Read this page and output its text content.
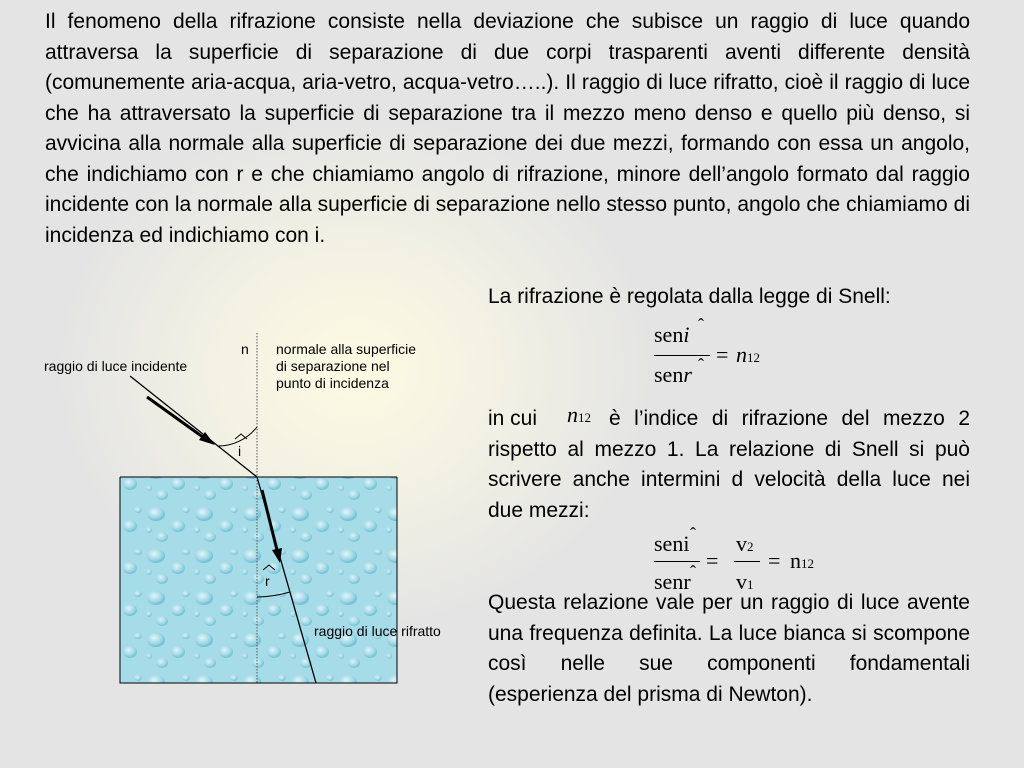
Il fenomeno della rifrazione consiste nella deviazione che subisce un raggio di luce quando attraversa la superficie di separazione di due corpi trasparenti aventi differente densità (comunemente aria-acqua, aria-vetro, acqua-vetro…..). Il raggio di luce rifratto, cioè il raggio di luce che ha attraversato la superficie di separazione tra il mezzo meno denso e quello più denso, si avvicina alla normale alla superficie di separazione dei due mezzi, formando con essa un angolo, che indichiamo con r e che chiamiamo angolo di rifrazione, minore dell’angolo formato dal raggio incidente con la normale alla superficie di separazione nello stesso punto, angolo che chiamiamo di incidenza ed indichiamo con i.

n normale alla superficie
di separazione nel
punto di incidenza
raggio di luce incidente
i
r
raggio di luce rifratto

La rifrazione è regolata dalla legge di Snell:

seni ˆ
senr ˆ = n12
in cui n12 è l’indice di rifrazione del mezzo 2 rispetto al mezzo 1. La relazione di Snell si può scrivere anche intermini d velocità della luce nei due mezzi:

seni ˆ
senr ˆ =
v2
v1
= n12

Questa relazione vale per un raggio di luce avente una frequenza definita. La luce bianca si scompone così nelle sue componenti fondamentali (esperienza del prisma di Newton).
